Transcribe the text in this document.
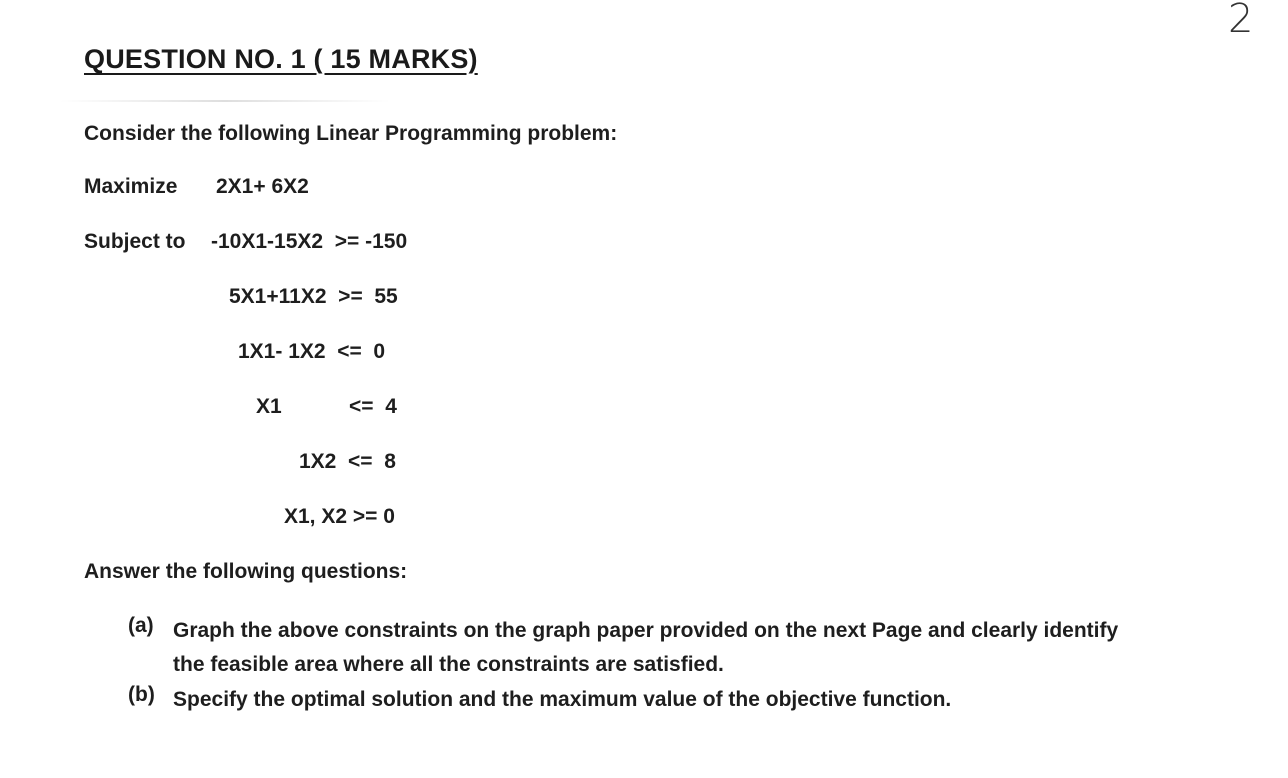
2
QUESTION NO. 1 ( 15 MARKS)
Consider the following Linear Programming problem:
Maximize 2X1+ 6X2
Subject to -10X1-15X2  >= -150
5X1+11X2  >=  55
1X1- 1X2  <=  0
X1	<=  4
1X2  <=  8
X1, X2 >= 0
Answer the following questions:
(a) Graph the above constraints on the graph paper provided on the next Page and clearly identify
the feasible area where all the constraints are satisfied.
(b) Specify the optimal solution and the maximum value of the objective function.
